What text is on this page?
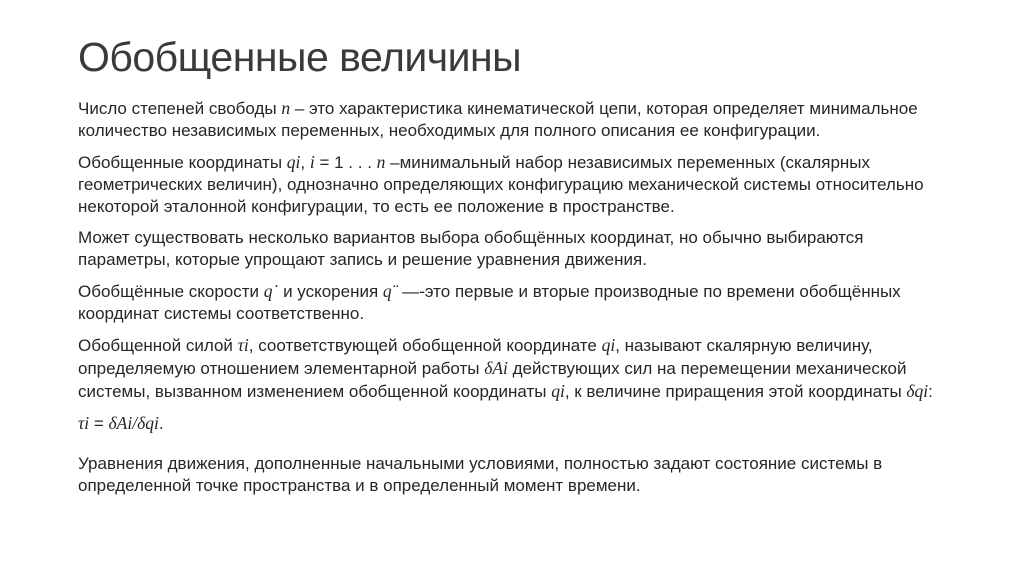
Обобщенные величины

Число степеней свободы n – это характеристика кинематической цепи, которая определяет минимальное количество независимых переменных, необходимых для полного описания ее конфигурации.

Обобщенные координаты qi, i = 1 . . . n –минимальный набор независимых переменных (скалярных геометрических величин), однозначно определяющих конфигурацию механической системы относительно некоторой эталонной конфигурации, то есть ее положение в пространстве.

Может существовать несколько вариантов выбора обобщённых координат, но обычно выбираются параметры, которые упрощают запись и решение уравнения движения.

Обобщённые скорости q˙ и ускорения q¨ —-это первые и вторые производные по времени обобщённых координат системы соответственно.

Обобщенной силой τi, соответствующей обобщенной координате qi, называют скалярную величину, определяемую отношением элементарной работы δAi действующих сил на перемещении механической системы, вызванном изменением обобщенной координаты qi, к величине приращения этой координаты δqi:

τi = δAi/δqi.

Уравнения движения, дополненные начальными условиями, полностью задают состояние системы в определенной точке пространства и в определенный момент времени.
